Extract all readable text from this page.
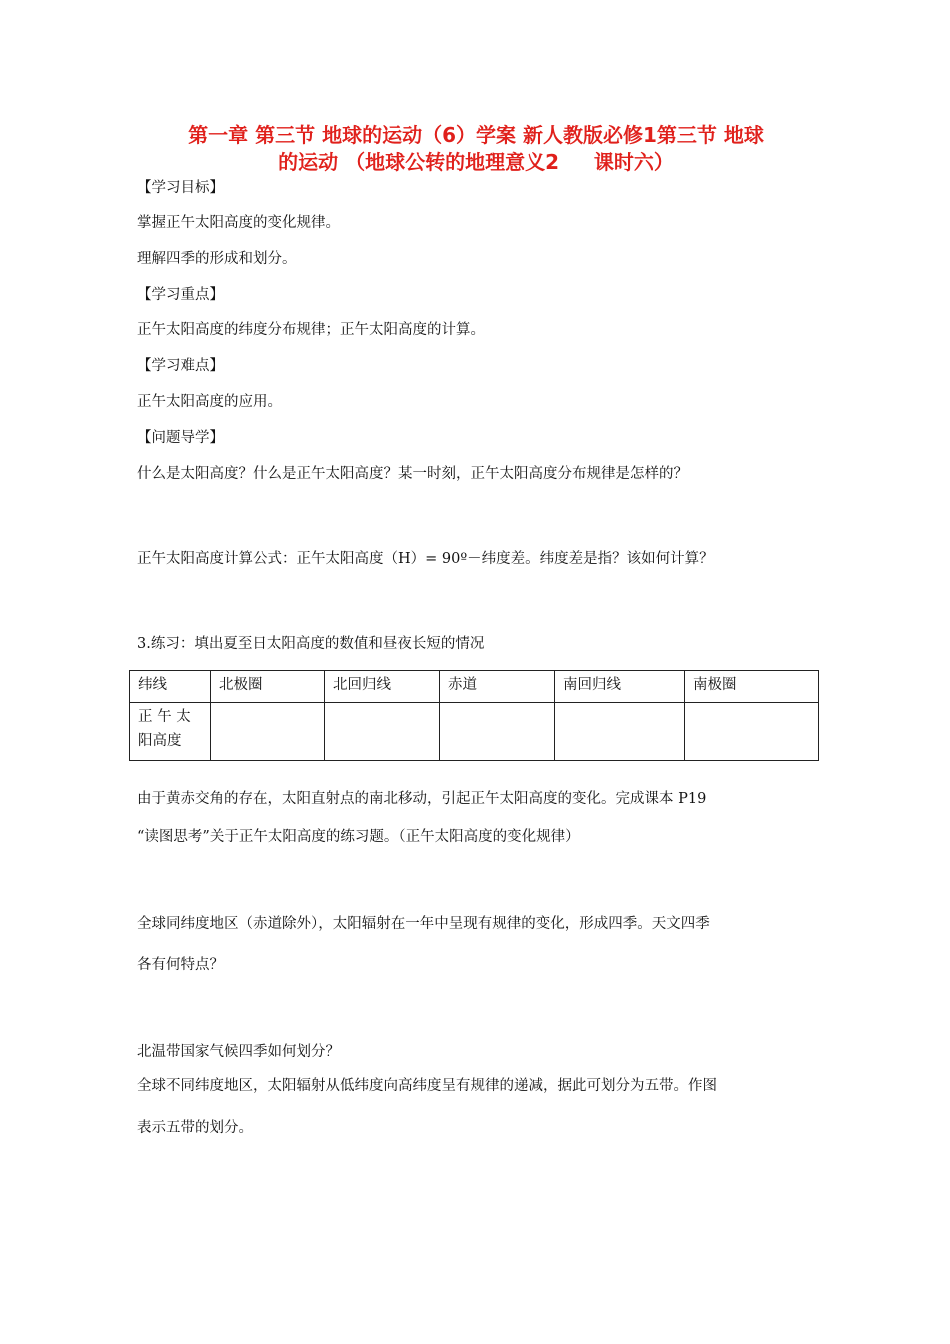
第一章 第三节 地球的运动（6）学案 新人教版必修1第三节 地球
的运动 （地球公转的地理意义2     课时六）
【学习目标】
掌握正午太阳高度的变化规律。
理解四季的形成和划分。
【学习重点】
正午太阳高度的纬度分布规律；正午太阳高度的计算。
【学习难点】
正午太阳高度的应用。
【问题导学】
什么是太阳高度？什么是正午太阳高度？某一时刻，正午太阳高度分布规律是怎样的？
正午太阳高度计算公式：正午太阳高度（H）= 90º－纬度差。纬度差是指？该如何计算？
3.练习：填出夏至日太阳高度的数值和昼夜长短的情况
纬线	北极圈	北回归线	赤道	南回归线	南极圈
正 午 太
阳高度					
由于黄赤交角的存在，太阳直射点的南北移动，引起正午太阳高度的变化。完成课本 P19
“读图思考”关于正午太阳高度的练习题。（正午太阳高度的变化规律）
全球同纬度地区（赤道除外），太阳辐射在一年中呈现有规律的变化，形成四季。天文四季
各有何特点？
北温带国家气候四季如何划分？
全球不同纬度地区，太阳辐射从低纬度向高纬度呈有规律的递减，据此可划分为五带。作图
表示五带的划分。
